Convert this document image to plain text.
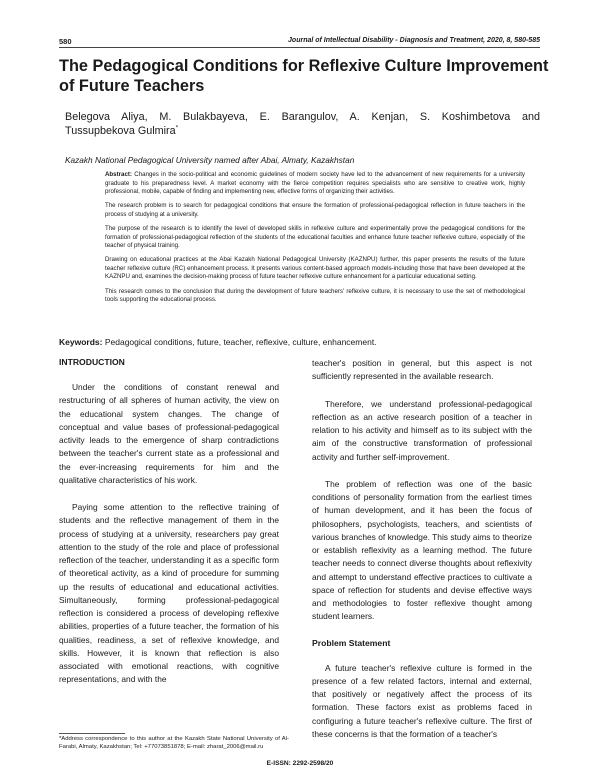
580	Journal of Intellectual Disability - Diagnosis and Treatment, 2020, 8, 580-585
The Pedagogical Conditions for Reflexive Culture Improvement of Future Teachers
Belegova Aliya, M. Bulakbayeva, E. Barangulov, A. Kenjan, S. Koshimbetova and
Tussupbekova Gulmira*
Kazakh National Pedagogical University named after Abai, Almaty, Kazakhstan

Abstract: Changes in the socio-political and economic guidelines of modern society have led to the advancement of new requirements for a university graduate to his preparedness level. A market economy with the fierce competition requires specialists who are sensitive to creative work, highly professional, mobile, capable of finding and implementing new, effective forms of organizing their activities.

The research problem is to search for pedagogical conditions that ensure the formation of professional-pedagogical reflection in future teachers in the process of studying at a university.

The purpose of the research is to identify the level of developed skills in reflexive culture and experimentally prove the pedagogical conditions for the formation of professional-pedagogical reflection of the students of the educational faculties and enhance future teacher reflexive culture, especially of the teacher of physical training.

Drawing on educational practices at the Abai Kazakh National Pedagogical University (KAZNPU) further, this paper presents the results of the future teacher reflexive culture (RC) enhancement process. It presents various content-based approach models-including those that have been developed at the KAZNPU and, examines the decision-making process of future teacher reflexive culture enhancement for a particular educational setting.

This research comes to the conclusion that during the development of future teachers' reflexive culture, it is necessary to use the set of methodological tools supporting the educational process.

Keywords: Pedagogical conditions, future, teacher, reflexive, culture, enhancement.
INTRODUCTION

Under the conditions of constant renewal and restructuring of all spheres of human activity, the view on the educational system changes. The change of conceptual and value bases of professional-pedagogical activity leads to the emergence of sharp contradictions between the teacher's current state as a professional and the ever-increasing requirements for him and the qualitative characteristics of his work.

Paying some attention to the reflective training of students and the reflective management of them in the process of studying at a university, researchers pay great attention to the study of the role and place of professional reflection of the teacher, understanding it as a specific form of theoretical activity, as a kind of procedure for summing up the results of educational and educational activities. Simultaneously, forming professional-pedagogical reflection is considered a process of developing reflexive abilities, properties of a future teacher, the formation of his qualities, readiness, a set of reflexive knowledge, and skills. However, it is known that reflection is also associated with emotional reactions, with cognitive representations, and with the

teacher's position in general, but this aspect is not sufficiently represented in the available research.

Therefore, we understand professional-pedagogical reflection as an active research position of a teacher in relation to his activity and himself as to its subject with the aim of the constructive transformation of professional activity and further self-improvement.

The problem of reflection was one of the basic conditions of personality formation from the earliest times of human development, and it has been the focus of philosophers, psychologists, teachers, and scientists of various branches of knowledge. This study aims to theorize or establish reflexivity as a learning method. The future teacher needs to connect diverse thoughts about reflexivity and attempt to understand effective practices to cultivate a space of reflection for students and devise effective ways and methodologies to foster reflexive thought among student learners.

Problem Statement

A future teacher's reflexive culture is formed in the presence of a few related factors, internal and external, that positively or negatively affect the process of its formation. These factors exist as problems faced in configuring a future teacher's reflexive culture. The first of these concerns is that the formation of a teacher's

*Address correspondence to this author at the Kazakh State National University of Al-Farabi, Almaty, Kazakhstan; Tel: +77073851878; E-mail: zharat_2006@mail.ru
E-ISSN: 2292-2598/20
